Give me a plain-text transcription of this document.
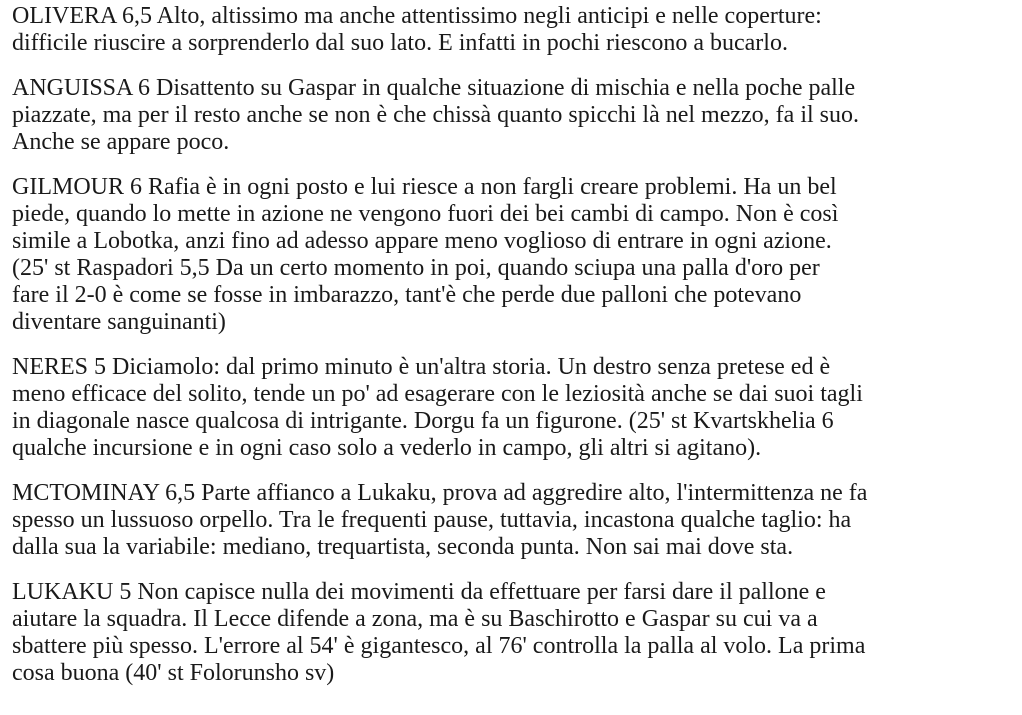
OLIVERA 6,5 Alto, altissimo ma anche attentissimo negli anticipi e nelle coperture:
difficile riuscire a sorprenderlo dal suo lato. E infatti in pochi riescono a bucarlo.

ANGUISSA 6 Disattento su Gaspar in qualche situazione di mischia e nella poche palle
piazzate, ma per il resto anche se non è che chissà quanto spicchi là nel mezzo, fa il suo.
Anche se appare poco.

GILMOUR 6 Rafia è in ogni posto e lui riesce a non fargli creare problemi. Ha un bel
piede, quando lo mette in azione ne vengono fuori dei bei cambi di campo. Non è così
simile a Lobotka, anzi fino ad adesso appare meno voglioso di entrare in ogni azione.
(25' st Raspadori 5,5 Da un certo momento in poi, quando sciupa una palla d'oro per
fare il 2-0 è come se fosse in imbarazzo, tant'è che perde due palloni che potevano
diventare sanguinanti)

NERES 5 Diciamolo: dal primo minuto è un'altra storia. Un destro senza pretese ed è
meno efficace del solito, tende un po' ad esagerare con le leziosità anche se dai suoi tagli
in diagonale nasce qualcosa di intrigante. Dorgu fa un figurone. (25' st Kvartskhelia 6
qualche incursione e in ogni caso solo a vederlo in campo, gli altri si agitano).

MCTOMINAY 6,5 Parte affianco a Lukaku, prova ad aggredire alto, l'intermittenza ne fa
spesso un lussuoso orpello. Tra le frequenti pause, tuttavia, incastona qualche taglio: ha
dalla sua la variabile: mediano, trequartista, seconda punta. Non sai mai dove sta.

LUKAKU 5 Non capisce nulla dei movimenti da effettuare per farsi dare il pallone e
aiutare la squadra. Il Lecce difende a zona, ma è su Baschirotto e Gaspar su cui va a
sbattere più spesso. L'errore al 54' è gigantesco, al 76' controlla la palla al volo. La prima
cosa buona (40' st Folorunsho sv)
